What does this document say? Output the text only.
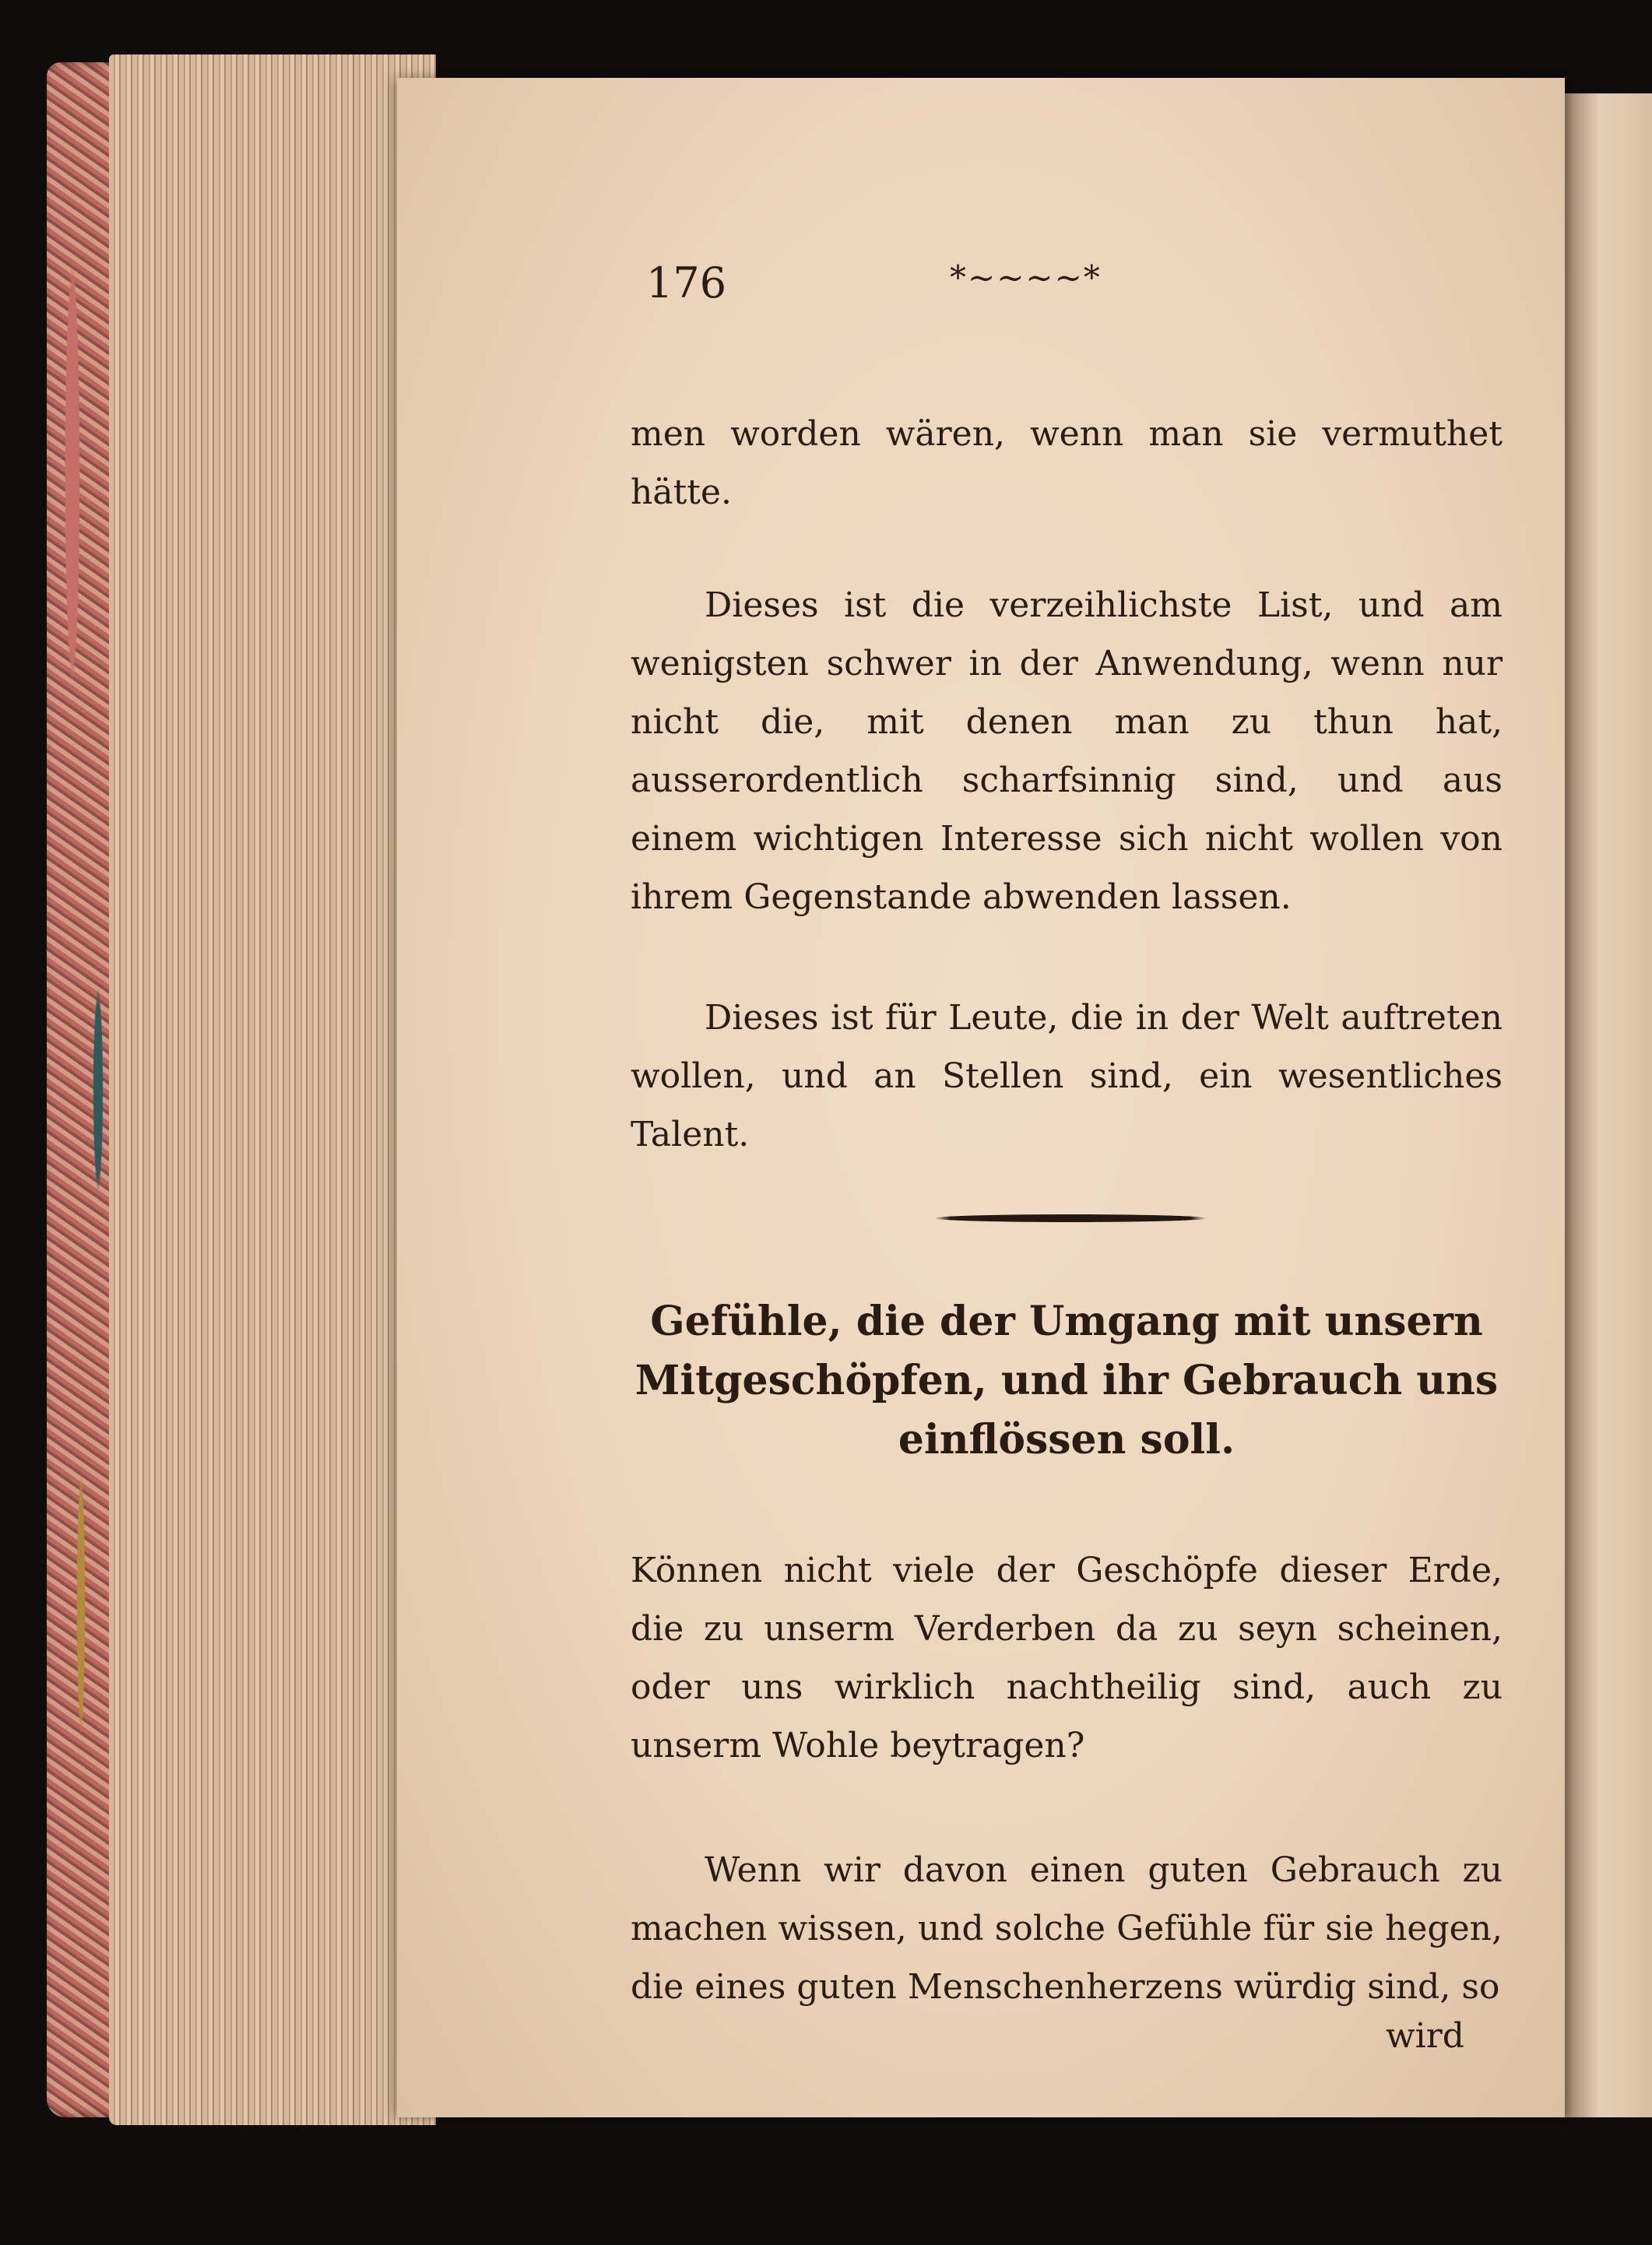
176	*~~~~*

men worden wären, wenn man sie vermuthet hätte.

Dieses ist die verzeihlichste List, und am wenigsten schwer in der Anwendung, wenn nur nicht die, mit denen man zu thun hat, ausserordentlich scharfsinnig sind, und aus einem wichtigen Interesse sich nicht wollen von ihrem Gegenstande abwenden lassen.

Dieses ist für Leute, die in der Welt auftreten wollen, und an Stellen sind, ein wesentliches Talent.

Gefühle, die der Umgang mit unsern Mitgeschöpfen, und ihr Gebrauch uns einflössen soll.

Können nicht viele der Geschöpfe dieser Erde, die zu unserm Verderben da zu seyn scheinen, oder uns wirklich nachtheilig sind, auch zu unserm Wohle beytragen?

Wenn wir davon einen guten Gebrauch zu machen wissen, und solche Gefühle für sie hegen, die eines guten Menschenherzens würdig sind, so

wird
